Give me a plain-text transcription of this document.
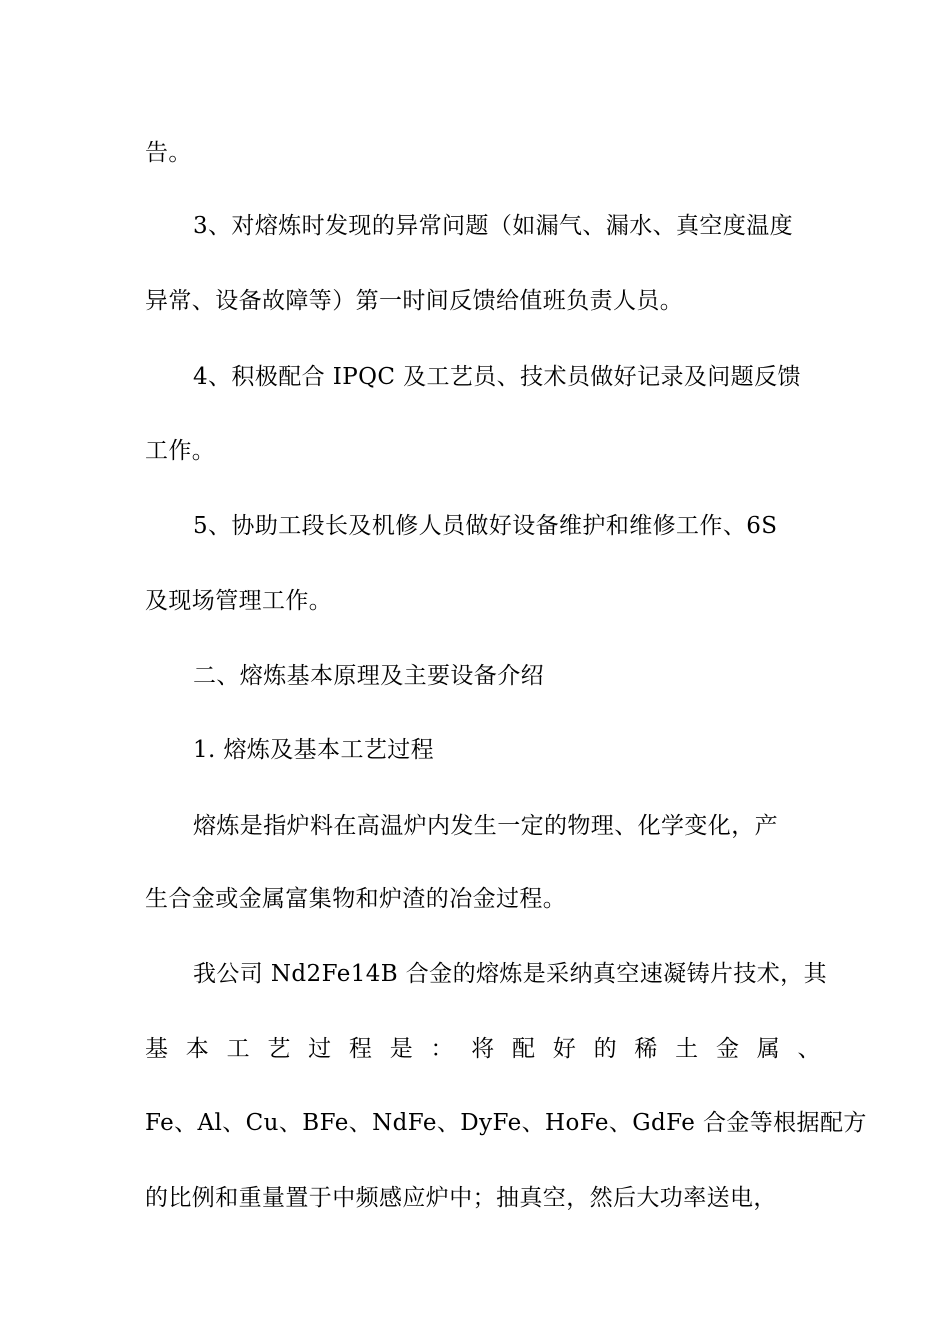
告。
3、对熔炼时发现的异常问题（如漏气、漏水、真空度温度
异常、设备故障等）第一时间反馈给值班负责人员。
4、积极配合 IPQC 及工艺员、技术员做好记录及问题反馈
工作。
5、协助工段长及机修人员做好设备维护和维修工作、6S
及现场管理工作。
二、熔炼基本原理及主要设备介绍
1. 熔炼及基本工艺过程
熔炼是指炉料在高温炉内发生一定的物理、化学变化，产
生合金或金属富集物和炉渣的冶金过程。
我公司 Nd2Fe14B 合金的熔炼是采纳真空速凝铸片技术，其
基 本 工 艺 过 程 是 ： 将 配 好 的 稀 土 金 属 、
Fe、Al、Cu、BFe、NdFe、DyFe、HoFe、GdFe 合金等根据配方
的比例和重量置于中频感应炉中；抽真空，然后大功率送电，
